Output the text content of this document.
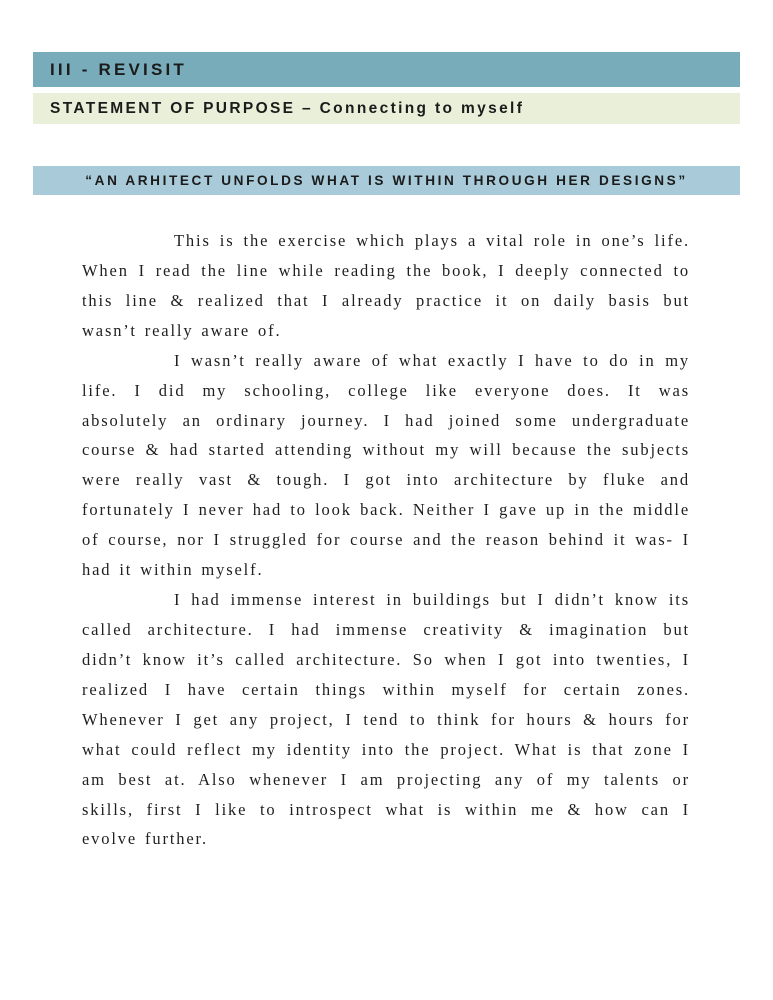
III - REVISIT
STATEMENT OF PURPOSE – Connecting to myself
“AN ARHITECT UNFOLDS WHAT IS WITHIN THROUGH HER DESIGNS”

This is the exercise which plays a vital role in one’s life. When I read the line while reading the book, I deeply connected to this line & realized that I already practice it on daily basis but wasn’t really aware of.

I wasn’t really aware of what exactly I have to do in my life. I did my schooling, college like everyone does. It was absolutely an ordinary journey. I had joined some undergraduate course & had started attending without my will because the subjects were really vast & tough. I got into architecture by fluke and fortunately I never had to look back. Neither I gave up in the middle of course, nor I struggled for course and the reason behind it was- I had it within myself.

I had immense interest in buildings but I didn’t know its called architecture. I had immense creativity & imagination but didn’t know it’s called architecture. So when I got into twenties, I realized I have certain things within myself for certain zones. Whenever I get any project, I tend to think for hours & hours for what could reflect my identity into the project. What is that zone I am best at. Also whenever I am projecting any of my talents or skills, first I like to introspect what is within me & how can I evolve further.
